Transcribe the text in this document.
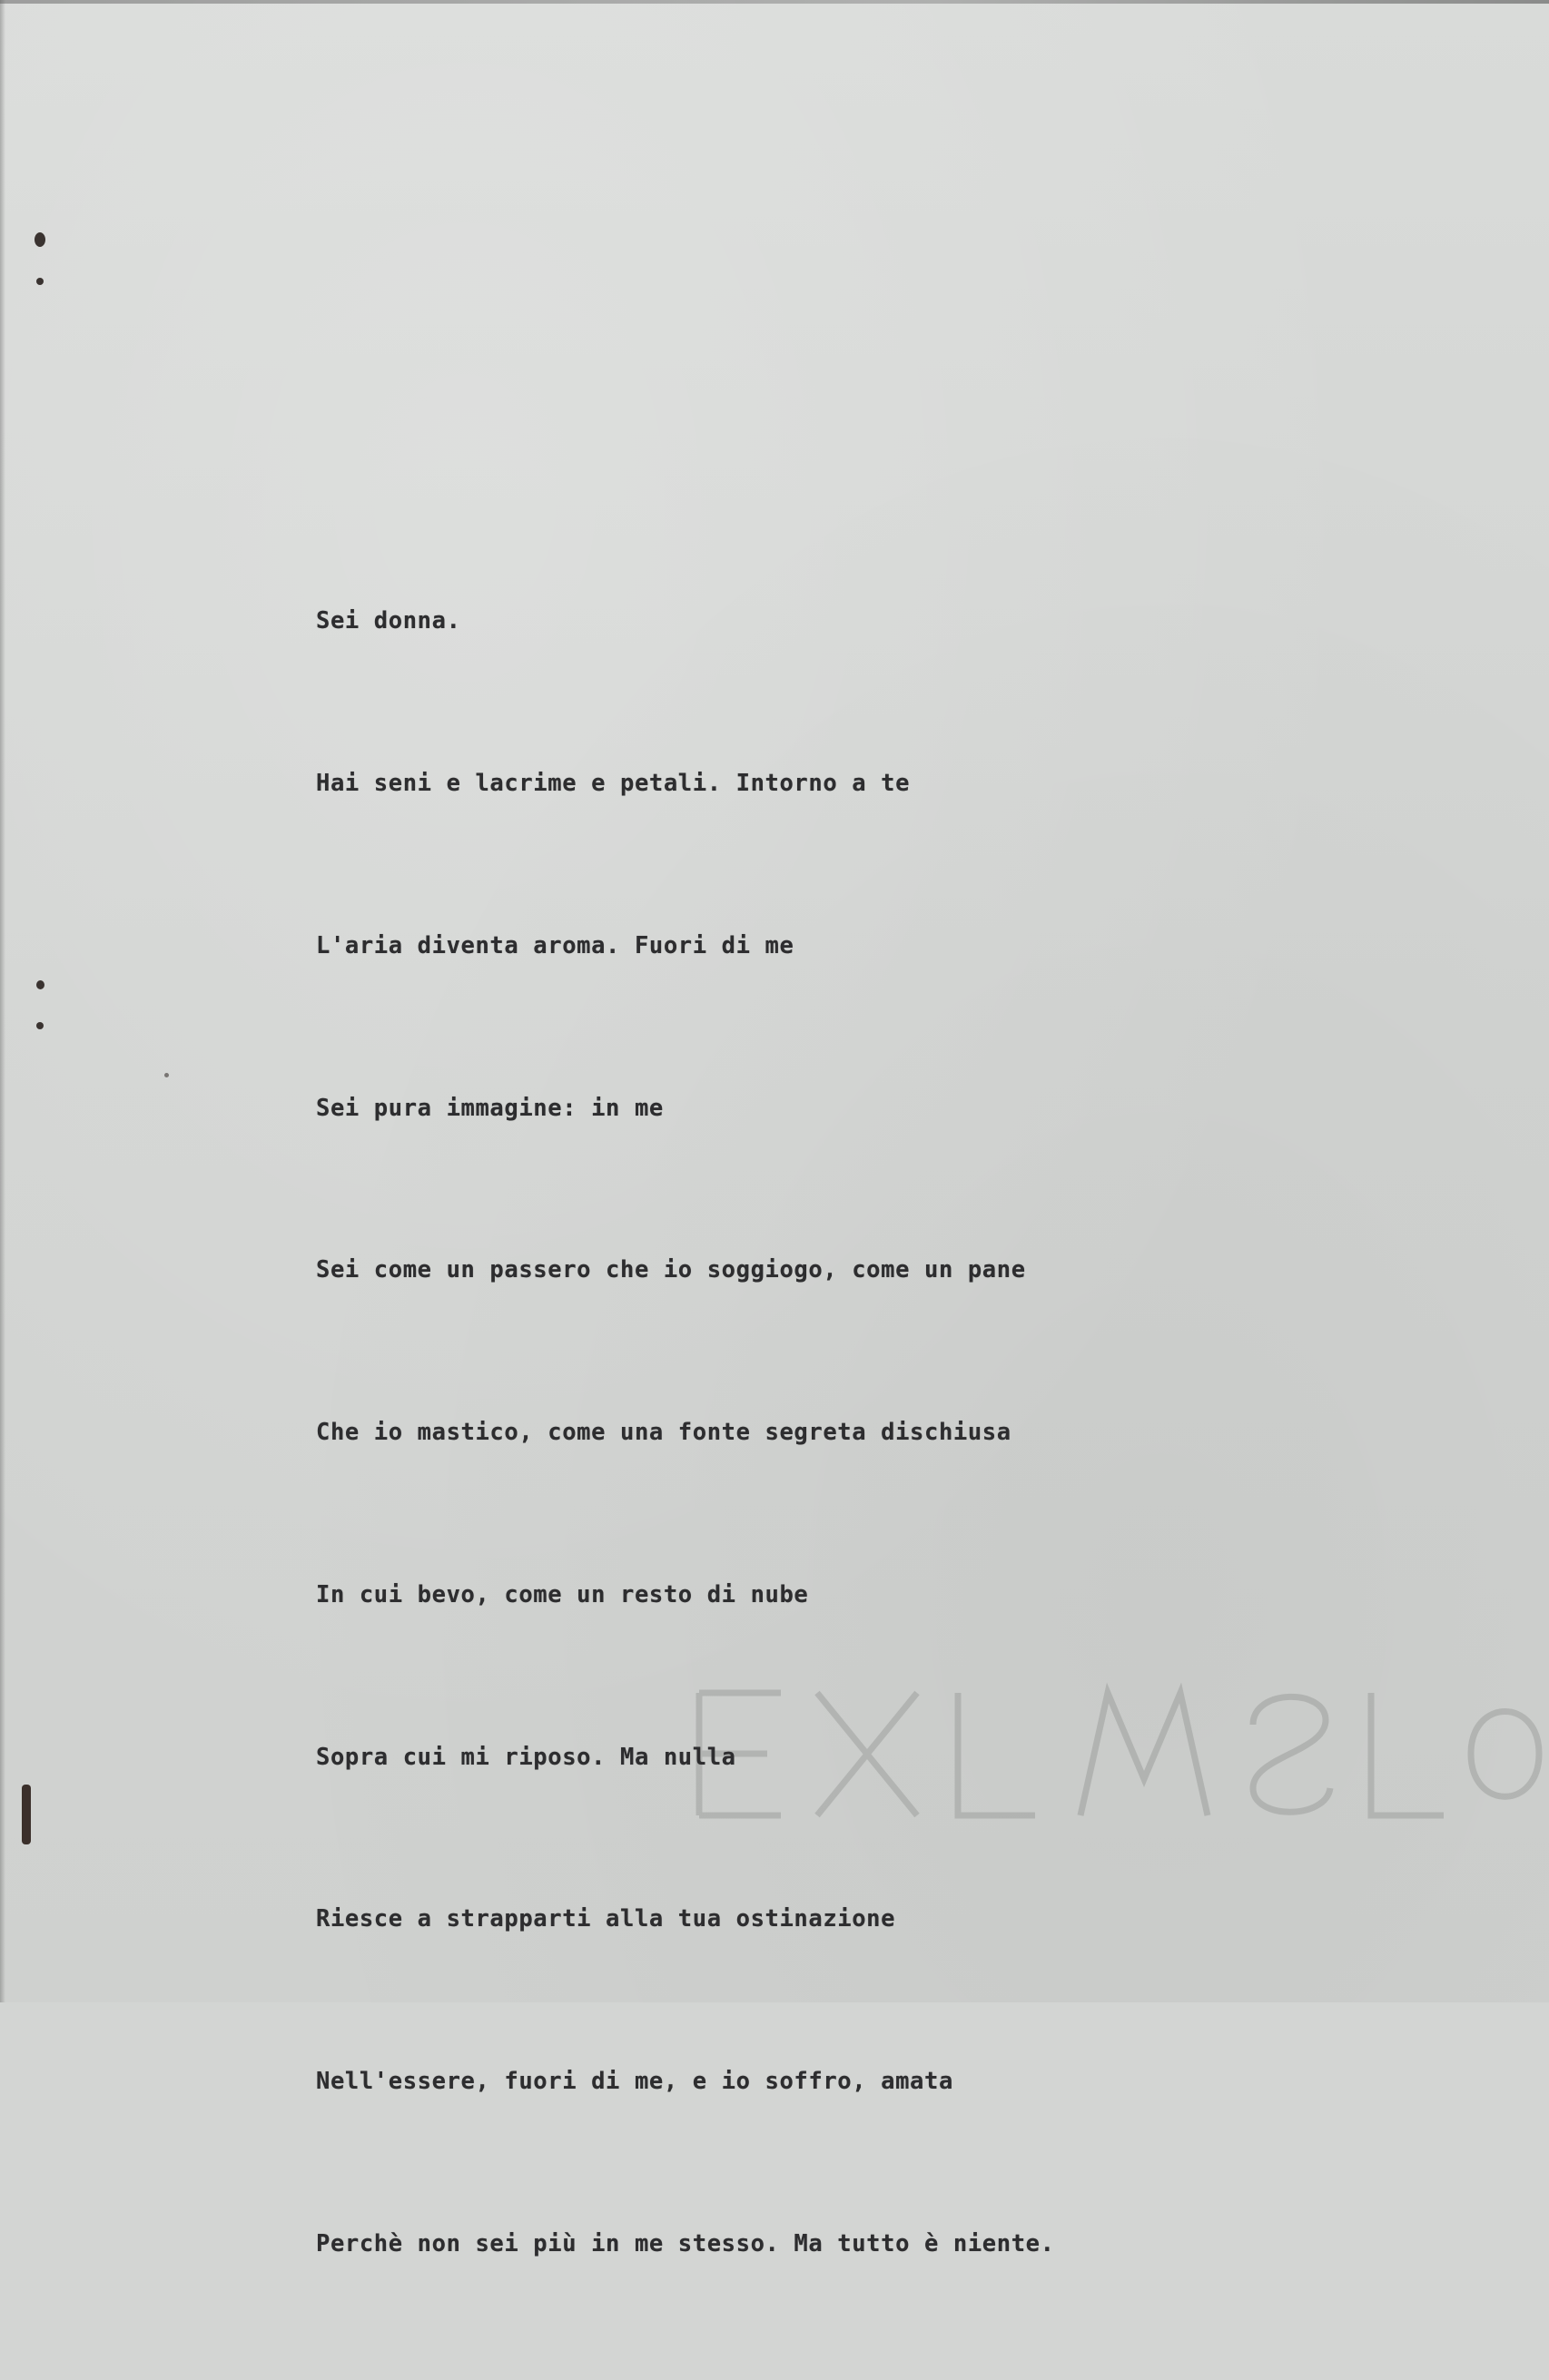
Sei donna.

Hai seni e lacrime e petali. Intorno a te

L'aria diventa aroma. Fuori di me

Sei pura immagine: in me

Sei come un passero che io soggiogo, come un pane

Che io mastico, come una fonte segreta dischiusa

In cui bevo, come un resto di nube

Sopra cui mi riposo. Ma nulla

Riesce a strapparti alla tua ostinazione

Nell'essere, fuori di me, e io soffro, amata

Perchè non sei più in me stesso. Ma tutto è niente.
